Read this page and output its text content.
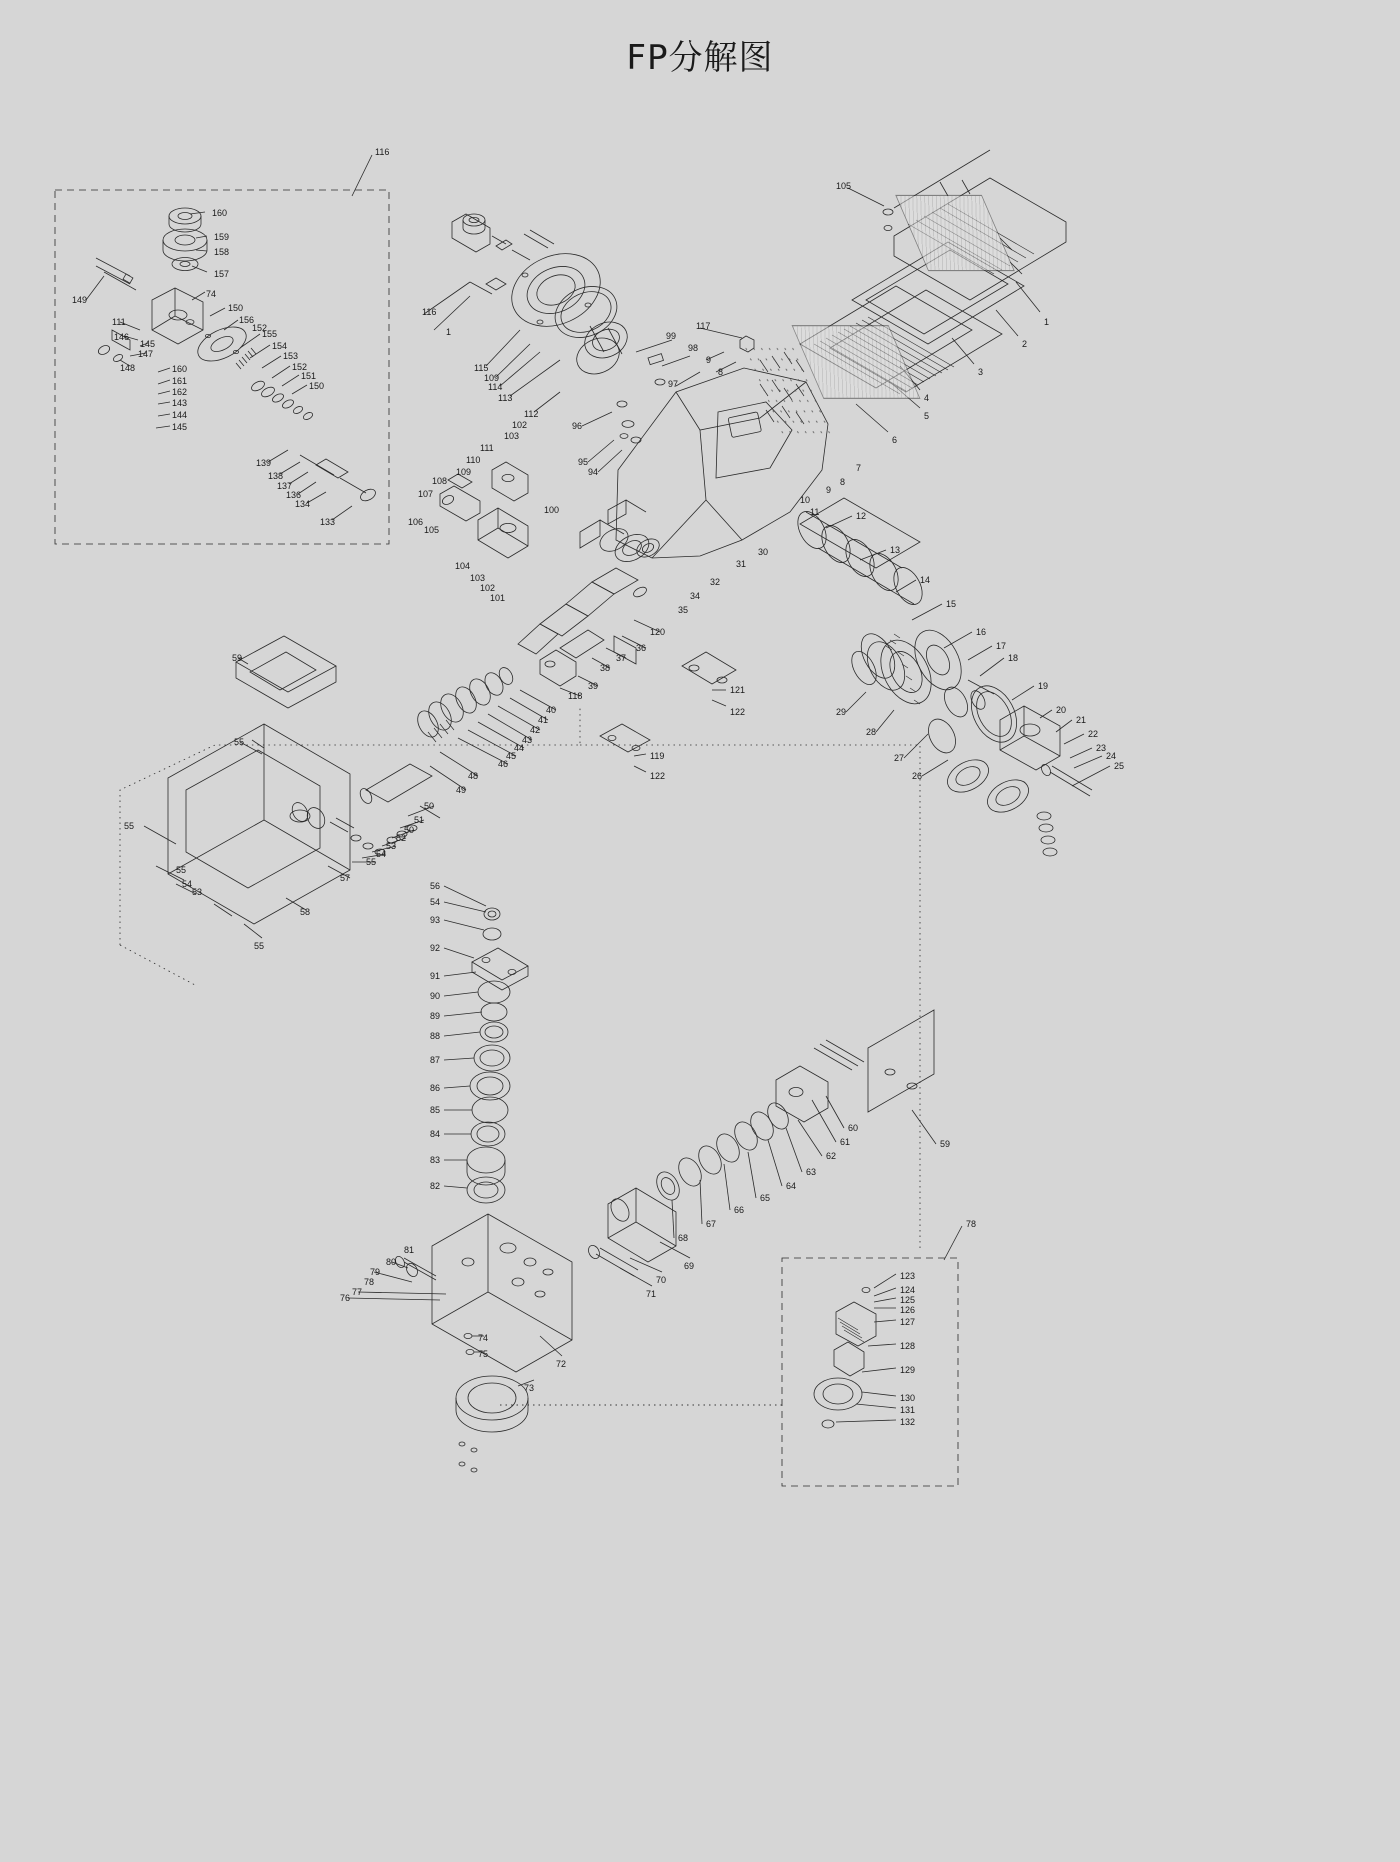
FP分解图
116
160
159
158
157
74
150
156
155
154
153
152
151
150
152
111
149
146
145
147
148	160
161
162
143
144
145
139
138
137
136
134
133
116
1
115
109
114
113
112
102
103
111
110
109
108
107
106
105
104
103
102
101
100
99
98
97
96
95
94
9
8
117
7
8
9
10
11
30
31
32
34
35
36
37
38
39
120
118
40
41
42
43
44
45
46
48
49
50
51
50
52
53
54
55
57
59
55
55
55
54
53
58
55
121
122
119
122
105
1
2
3
4
5
6
12
13
14
15
16
17
18
19
20
21
22
23
24
25
29
28
27
26
56
54
93
92
91
90
89
88
87
86
85
84
83
82
60
61
62
63
64
65
66
67
68
69
70
71
59
81
80
79
78
77
76
74
75
72
73
78
123
124
125
126
127
128
129
130
131
132
